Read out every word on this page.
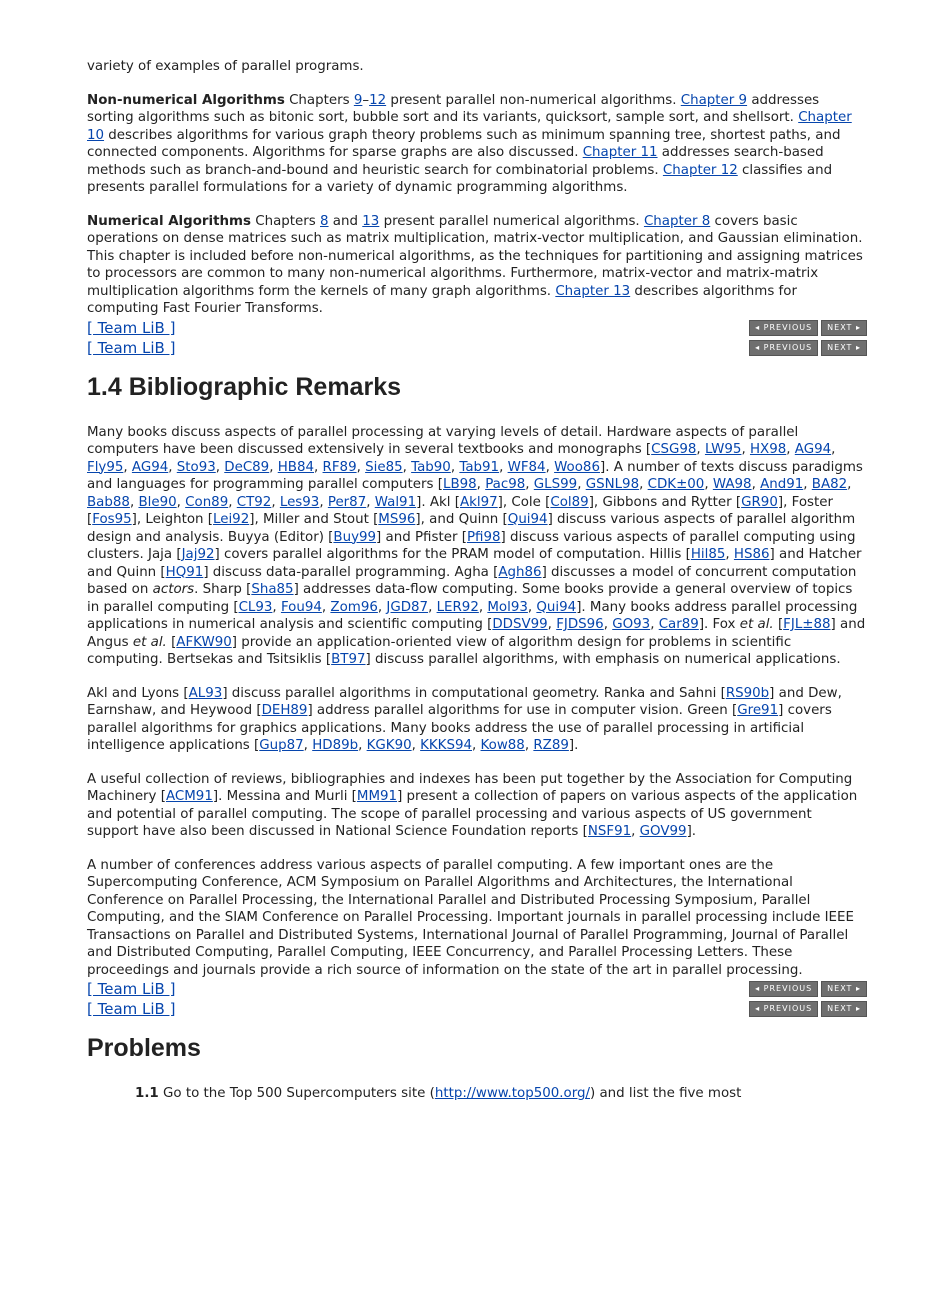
variety of examples of parallel programs.

Non-numerical Algorithms Chapters 9–12 present parallel non-numerical algorithms. Chapter 9 addresses sorting algorithms such as bitonic sort, bubble sort and its variants, quicksort, sample sort, and shellsort. Chapter 10 describes algorithms for various graph theory problems such as minimum spanning tree, shortest paths, and connected components. Algorithms for sparse graphs are also discussed. Chapter 11 addresses search-based methods such as branch-and-bound and heuristic search for combinatorial problems. Chapter 12 classifies and presents parallel formulations for a variety of dynamic programming algorithms.

Numerical Algorithms Chapters 8 and 13 present parallel numerical algorithms. Chapter 8 covers basic operations on dense matrices such as matrix multiplication, matrix-vector multiplication, and Gaussian elimination. This chapter is included before non-numerical algorithms, as the techniques for partitioning and assigning matrices to processors are common to many non-numerical algorithms. Furthermore, matrix-vector and matrix-matrix multiplication algorithms form the kernels of many graph algorithms. Chapter 13 describes algorithms for computing Fast Fourier Transforms.

[ Team LiB ]	◂ PREVIOUS	NEXT ▸
[ Team LiB ]	◂ PREVIOUS	NEXT ▸
1.4 Bibliographic Remarks

Many books discuss aspects of parallel processing at varying levels of detail. Hardware aspects of parallel computers have been discussed extensively in several textbooks and monographs [CSG98, LW95, HX98, AG94, Fly95, AG94, Sto93, DeC89, HB84, RF89, Sie85, Tab90, Tab91, WF84, Woo86]. A number of texts discuss paradigms and languages for programming parallel computers [LB98, Pac98, GLS99, GSNL98, CDK±00, WA98, And91, BA82, Bab88, Ble90, Con89, CT92, Les93, Per87, Wal91]. Akl [Akl97], Cole [Col89], Gibbons and Rytter [GR90], Foster [Fos95], Leighton [Lei92], Miller and Stout [MS96], and Quinn [Qui94] discuss various aspects of parallel algorithm design and analysis. Buyya (Editor) [Buy99] and Pfister [Pfi98] discuss various aspects of parallel computing using clusters. Jaja [Jaj92] covers parallel algorithms for the PRAM model of computation. Hillis [Hil85, HS86] and Hatcher and Quinn [HQ91] discuss data-parallel programming. Agha [Agh86] discusses a model of concurrent computation based on actors. Sharp [Sha85] addresses data-flow computing. Some books provide a general overview of topics in parallel computing [CL93, Fou94, Zom96, JGD87, LER92, Mol93, Qui94]. Many books address parallel processing applications in numerical analysis and scientific computing [DDSV99, FJDS96, GO93, Car89]. Fox et al. [FJL±88] and Angus et al. [AFKW90] provide an application-oriented view of algorithm design for problems in scientific computing. Bertsekas and Tsitsiklis [BT97] discuss parallel algorithms, with emphasis on numerical applications.

Akl and Lyons [AL93] discuss parallel algorithms in computational geometry. Ranka and Sahni [RS90b] and Dew, Earnshaw, and Heywood [DEH89] address parallel algorithms for use in computer vision. Green [Gre91] covers parallel algorithms for graphics applications. Many books address the use of parallel processing in artificial intelligence applications [Gup87, HD89b, KGK90, KKKS94, Kow88, RZ89].

A useful collection of reviews, bibliographies and indexes has been put together by the Association for Computing Machinery [ACM91]. Messina and Murli [MM91] present a collection of papers on various aspects of the application and potential of parallel computing. The scope of parallel processing and various aspects of US government support have also been discussed in National Science Foundation reports [NSF91, GOV99].

A number of conferences address various aspects of parallel computing. A few important ones are the Supercomputing Conference, ACM Symposium on Parallel Algorithms and Architectures, the International Conference on Parallel Processing, the International Parallel and Distributed Processing Symposium, Parallel Computing, and the SIAM Conference on Parallel Processing. Important journals in parallel processing include IEEE Transactions on Parallel and Distributed Systems, International Journal of Parallel Programming, Journal of Parallel and Distributed Computing, Parallel Computing, IEEE Concurrency, and Parallel Processing Letters. These proceedings and journals provide a rich source of information on the state of the art in parallel processing.

[ Team LiB ]	◂ PREVIOUS	NEXT ▸
[ Team LiB ]	◂ PREVIOUS	NEXT ▸
Problems

1.1 Go to the Top 500 Supercomputers site (http://www.top500.org/) and list the five most
